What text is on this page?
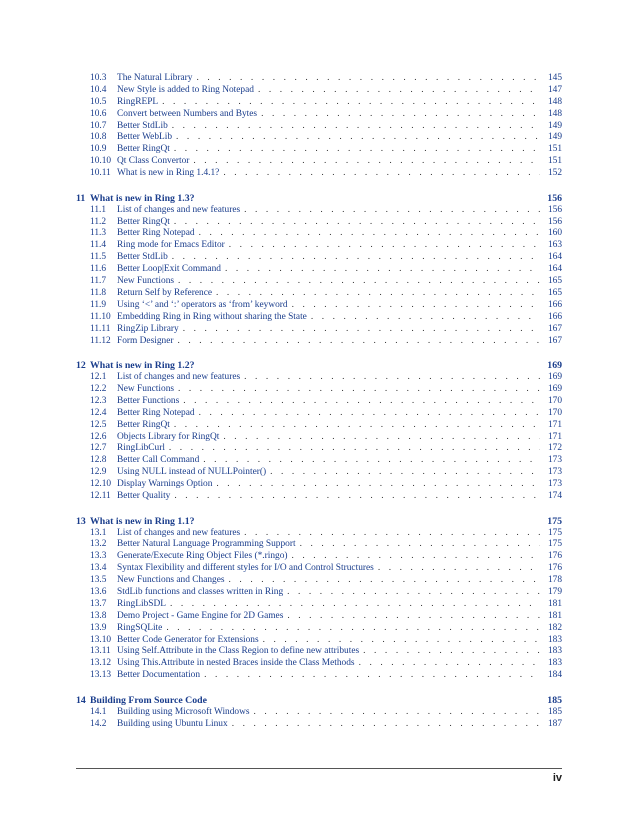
10.3	The Natural Library . . .	145
10.4	New Style is added to Ring Notepad . . .	147
10.5	RingREPL . . .	148
10.6	Convert between Numbers and Bytes . . .	148
10.7	Better StdLib . . .	149
10.8	Better WebLib . . .	149
10.9	Better RingQt . . .	151
10.10 Qt Class Convertor . . .	151
10.11 What is new in Ring 1.4.1? . . .	152
11 What is new in Ring 1.3?	156
11.1	List of changes and new features . . .	156
11.2	Better RingQt . . .	156
11.3	Better Ring Notepad . . .	160
11.4	Ring mode for Emacs Editor . . .	163
11.5	Better StdLib . . .	164
11.6	Better Loop|Exit Command . . .	164
11.7	New Functions . . .	165
11.8	Return Self by Reference . . .	165
11.9	Using ‘<’ and ‘:’ operators as ‘from’ keyword . . .	166
11.10 Embedding Ring in Ring without sharing the State . . .	166
11.11 RingZip Library . . .	167
11.12 Form Designer . . .	167
12 What is new in Ring 1.2?	169
12.1	List of changes and new features . . .	169
12.2	New Functions . . .	169
12.3	Better Functions . . .	170
12.4	Better Ring Notepad . . .	170
12.5	Better RingQt . . .	171
12.6	Objects Library for RingQt . . .	171
12.7	RingLibCurl . . .	172
12.8	Better Call Command . . .	173
12.9	Using NULL instead of NULLPointer() . . .	173
12.10 Display Warnings Option . . .	173
12.11 Better Quality . . .	174
13 What is new in Ring 1.1?	175
13.1	List of changes and new features . . .	175
13.2	Better Natural Language Programming Support . . .	175
13.3	Generate/Execute Ring Object Files (*.ringo) . . .	176
13.4	Syntax Flexibility and different styles for I/O and Control Structures . . .	176
13.5	New Functions and Changes . . .	178
13.6	StdLib functions and classes written in Ring . . .	179
13.7	RingLibSDL . . .	181
13.8	Demo Project - Game Engine for 2D Games . . .	181
13.9	RingSQLite . . .	182
13.10 Better Code Generator for Extensions . . .	183
13.11 Using Self.Attribute in the Class Region to define new attributes . . .	183
13.12 Using This.Attribute in nested Braces inside the Class Methods . . .	183
13.13 Better Documentation . . .	184
14 Building From Source Code	185
14.1	Building using Microsoft Windows . . .	185
14.2	Building using Ubuntu Linux . . .	187
iv
